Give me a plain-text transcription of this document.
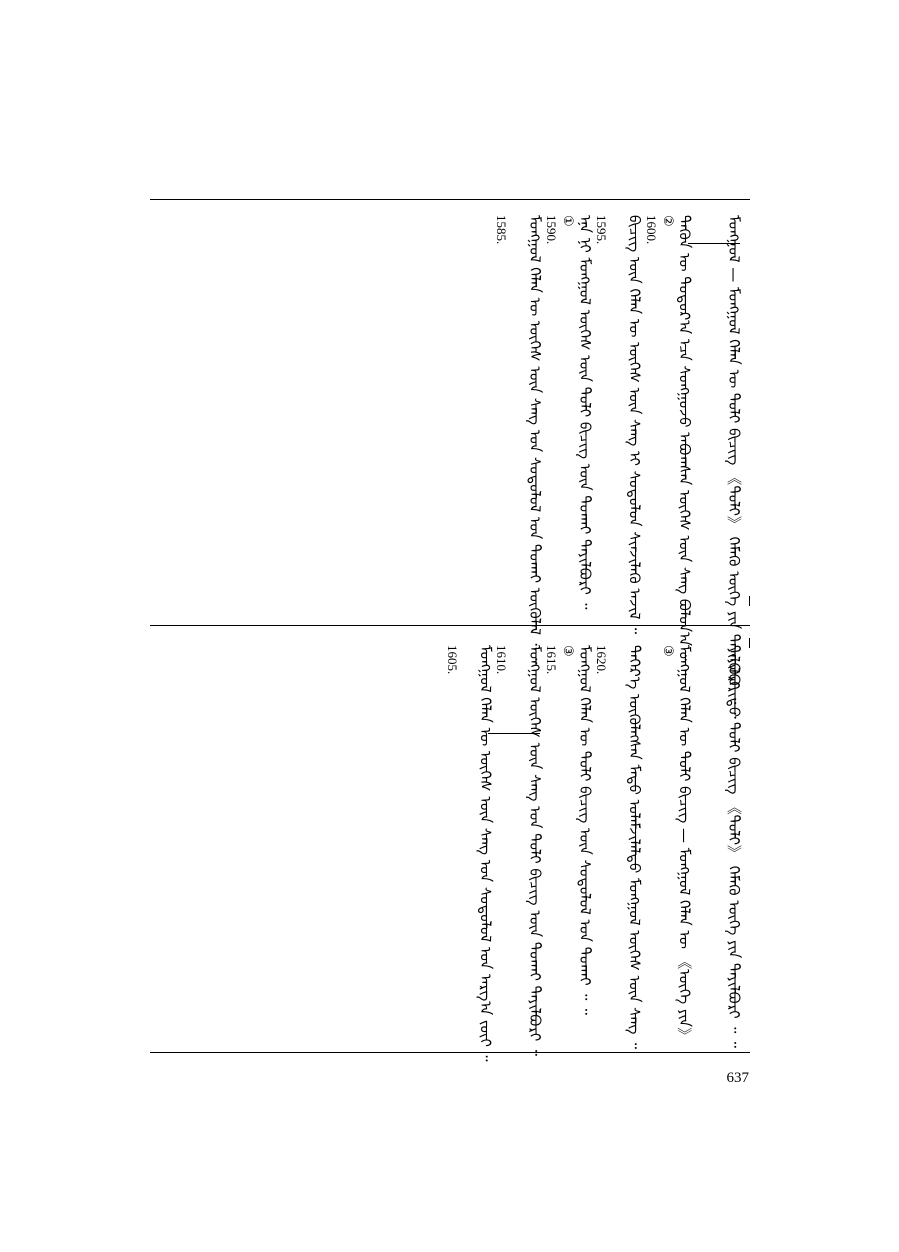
ᠮᠣᠩᠭᠣᠯ — ᠮᠣᠩᠭᠣᠯ ᠬᠡᠯᠡᠨ ᠦ ᠲᠣᠯᠢ ᠪᠢᠴᠢᠭ 《ᠲᠣᠯᠢ》 ᠬᠡᠮᠡᠬᠦ ᠦᠭᠡ ᠶᠢᠨ ᠲᠠᠶᠢᠯᠪᠤᠷᠢ ᠃ ᠃
1600. ② ᠲᠡᠭᠦᠨ ᠦ ᠳᠣᠲᠣᠷ᠎ᠠ ᠡᠴᠡ ᠰᠣᠩᠭᠣᠵᠤ ᠠᠪᠤᠭᠰᠠᠨ ᠦᠭᠡᠰ ᠦᠨ ᠰᠠᠩ ᠪᠣᠯᠤᠨ᠎ᠠ ᠃ ᠃
1595. ᠪᠢᠴᠢᠭ ᠦᠨ ᠬᠡᠯᠡᠨ ᠦ ᠦᠭᠡᠰ ᠦᠨ ᠰᠠᠩ ᠢ ᠰᠤᠳᠤᠯᠤᠨ ᠰᠢᠨᠵᠢᠯᠡᠬᠦ ᠠᠵᠢᠯ ᠃
1590. ① ᠡᠨᠡ ᠨᠢ ᠮᠣᠩᠭᠣᠯ ᠦᠭᠡᠰ ᠦᠨ ᠲᠣᠯᠢ ᠪᠢᠴᠢᠭ ᠦᠨ ᠲᠤᠬᠠᠢ ᠲᠠᠶᠢᠯᠪᠤᠷᠢ ᠃
1585. ᠮᠣᠩᠭᠣᠯ ᠬᠡᠯᠡᠨ ᠦ ᠦᠭᠡᠰ ᠦᠨ ᠰᠠᠩ ᠤᠨ ᠰᠤᠳᠤᠯᠤᠯ ᠤᠨ ᠲᠤᠬᠠᠢ ᠦᠭᠦᠯᠡᠯ ᠃ ᠃
ᠲᠠᠶᠢᠯᠪᠤᠷᠢᠲᠤ ᠲᠣᠯᠢ ᠪᠢᠴᠢᠭ 《ᠲᠣᠯᠢ》 ᠬᠡᠮᠡᠬᠦ ᠦᠭᠡ ᠶᠢᠨ ᠲᠠᠶᠢᠯᠪᠤᠷᠢ ᠃ ᠃
③ ᠮᠣᠩᠭᠣᠯ ᠬᠡᠯᠡᠨ ᠦ ᠲᠣᠯᠢ ᠪᠢᠴᠢᠭ — ᠮᠣᠩᠭᠣᠯ ᠬᠡᠯᠡᠨ ᠦ 《ᠦᠭᠡ ᠶᠢᠨ》
1620. ᠳᠡᠭᠡᠷ᠎ᠡ ᠦᠭᠦᠯᠡᠭᠰᠡᠨ ᠮᠡᠲᠦ ᠤᠯᠠᠮᠵᠢᠯᠠᠯᠲᠤ ᠮᠣᠩᠭᠣᠯ ᠦᠭᠡᠰ ᠦᠨ ᠰᠠᠩ ᠃
1615. ③ ᠮᠣᠩᠭᠣᠯ ᠬᠡᠯᠡᠨ ᠦ ᠲᠣᠯᠢ ᠪᠢᠴᠢᠭ ᠦᠨ ᠰᠤᠳᠤᠯᠤᠯ ᠤᠨ ᠲᠤᠬᠠᠢ ᠃ ᠃
1610. ᠮᠣᠩᠭᠣᠯ ᠦᠭᠡᠰ ᠦᠨ ᠰᠠᠩ ᠤᠨ ᠲᠣᠯᠢ ᠪᠢᠴᠢᠭ ᠦᠨ ᠲᠤᠬᠠᠢ ᠲᠠᠶᠢᠯᠪᠤᠷᠢ ᠃
1605. ᠮᠣᠩᠭᠣᠯ ᠬᠡᠯᠡᠨ ᠦ ᠦᠭᠡᠰ ᠦᠨ ᠰᠠᠩ ᠤᠨ ᠰᠤᠳᠤᠯᠤᠯ ᠤᠨ ᠠᠷᠭ᠎ᠠ ᠵᠦᠢ ᠃
637
